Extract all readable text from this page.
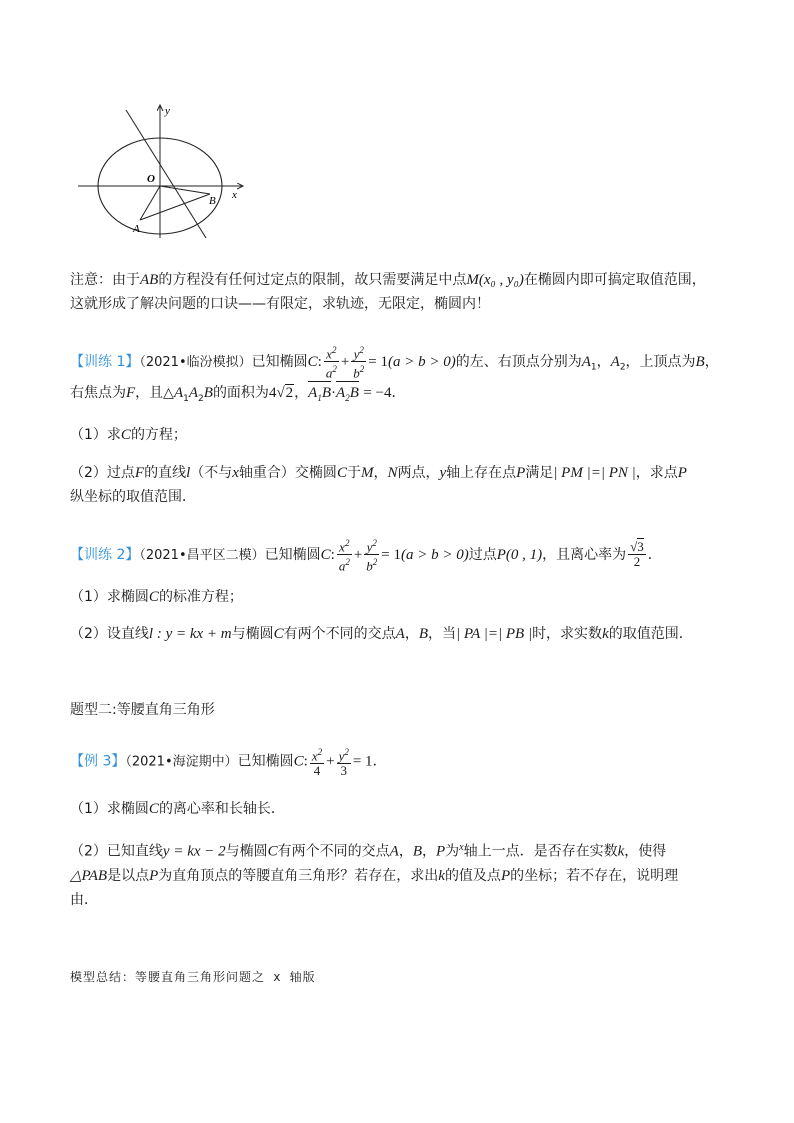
y
x
O
A
B
注意：由于AB的方程没有任何过定点的限制，故只需要满足中点M(x₀ , y₀)在椭圆内即可搞定取值范围，
这就形成了解决问题的口诀——有限定，求轨迹，无限定，椭圆内！
【训练 1】（2021•临汾模拟）已知椭圆C: $\frac{x^2}{a^2} + \frac{y^2}{b^2} = 1(a > b > 0)$的左、右顶点分别为$A_1$，$A_2$，上顶点为B，
右焦点为F，且$\triangle A_1A_2B$的面积为4√2，$A_1B\cdot A_2B = -4$．
（1）求C的方程；
（2）过点F的直线l（不与x轴重合）交椭圆C于M，N两点，y轴上存在点P满足| PM |=| PN |，求点P
纵坐标的取值范围．
【训练 2】（2021•昌平区二模）已知椭圆C: $\frac{x^2}{a^2} + \frac{y^2}{b^2} = 1(a > b > 0)$过点P(0 , 1)，且离心率为 $\frac{√3}{2}$ ．
（1）求椭圆C的标准方程；
（2）设直线l : y = kx + m与椭圆C有两个不同的交点A，B，当| PA |=| PB |时，求实数k的取值范围．
题型二:等腰直角三角形
【例 3】（2021•海淀期中）已知椭圆C: $\frac{x^2}{4} + \frac{y^2}{3} = 1$．
（1）求椭圆C的离心率和长轴长．
（2）已知直线y = kx − 2与椭圆C有两个不同的交点A，B，P为$^x$轴上一点．是否存在实数k，使得
△PAB是以点P为直角顶点的等腰直角三角形？若存在，求出k的值及点P的坐标；若不存在，说明理
由．
模型总结：等腰直角三角形问题之 x 轴版
